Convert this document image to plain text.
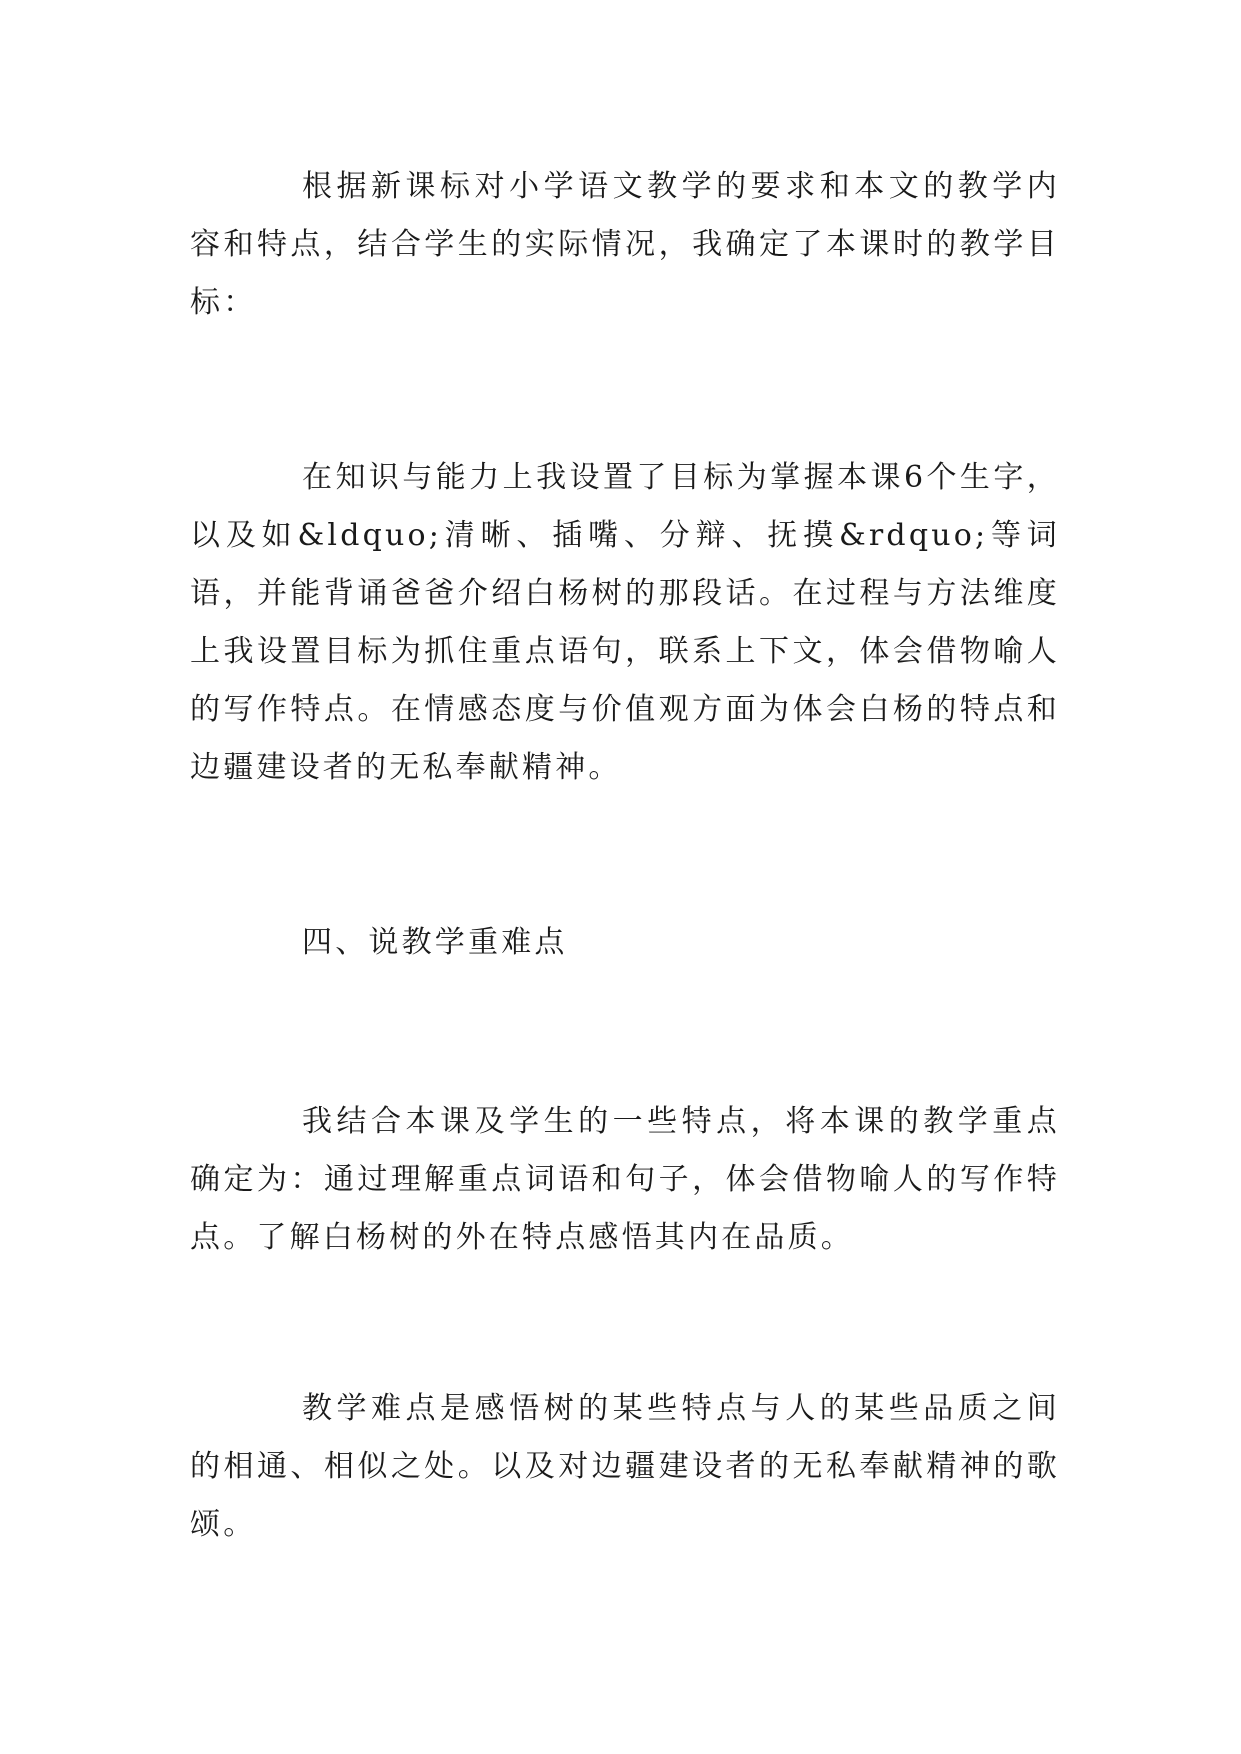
根据新课标对小学语文教学的要求和本文的教学内容和特点，结合学生的实际情况，我确定了本课时的教学目标：

在知识与能力上我设置了目标为掌握本课6个生字，以及如&ldquo;清晰、插嘴、分辩、抚摸&rdquo;等词语，并能背诵爸爸介绍白杨树的那段话。在过程与方法维度上我设置目标为抓住重点语句，联系上下文，体会借物喻人的写作特点。在情感态度与价值观方面为体会白杨的特点和边疆建设者的无私奉献精神。

四、说教学重难点

我结合本课及学生的一些特点，将本课的教学重点确定为：通过理解重点词语和句子，体会借物喻人的写作特点。了解白杨树的外在特点感悟其内在品质。

教学难点是感悟树的某些特点与人的某些品质之间的相通、相似之处。以及对边疆建设者的无私奉献精神的歌颂。
